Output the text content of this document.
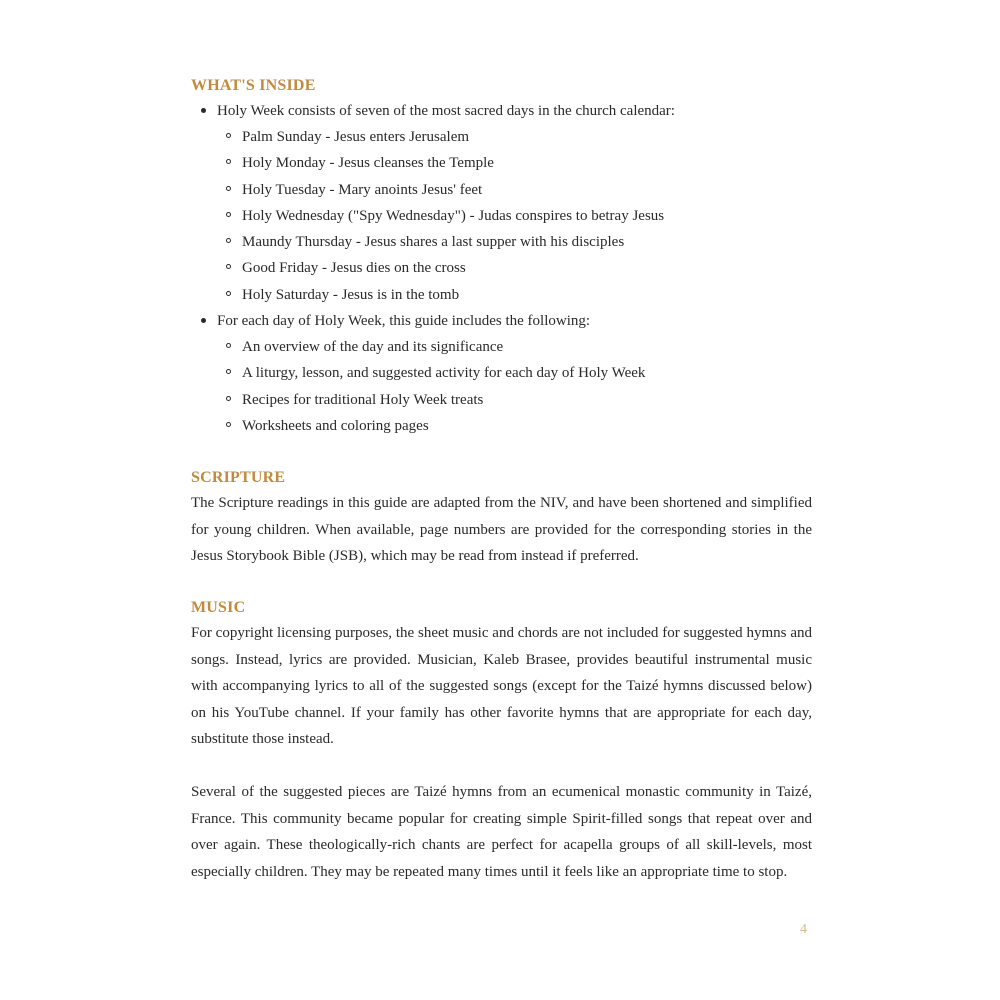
WHAT'S INSIDE
Holy Week consists of seven of the most sacred days in the church calendar:
Palm Sunday - Jesus enters Jerusalem
Holy Monday - Jesus cleanses the Temple
Holy Tuesday - Mary anoints Jesus' feet
Holy Wednesday ("Spy Wednesday") - Judas conspires to betray Jesus
Maundy Thursday - Jesus shares a last supper with his disciples
Good Friday - Jesus dies on the cross
Holy Saturday - Jesus is in the tomb
For each day of Holy Week, this guide includes the following:
An overview of the day and its significance
A liturgy, lesson, and suggested activity for each day of Holy Week
Recipes for traditional Holy Week treats
Worksheets and coloring pages
SCRIPTURE

The Scripture readings in this guide are adapted from the NIV, and have been shortened and simplified for young children. When available, page numbers are provided for the corresponding stories in the Jesus Storybook Bible (JSB), which may be read from instead if preferred.

MUSIC

For copyright licensing purposes, the sheet music and chords are not included for suggested hymns and songs. Instead, lyrics are provided. Musician, Kaleb Brasee, provides beautiful instrumental music with accompanying lyrics to all of the suggested songs (except for the Taizé hymns discussed below) on his YouTube channel. If your family has other favorite hymns that are appropriate for each day, substitute those instead.

Several of the suggested pieces are Taizé hymns from an ecumenical monastic community in Taizé, France. This community became popular for creating simple Spirit-filled songs that repeat over and over again. These theologically-rich chants are perfect for acapella groups of all skill-levels, most especially children. They may be repeated many times until it feels like an appropriate time to stop.

4
